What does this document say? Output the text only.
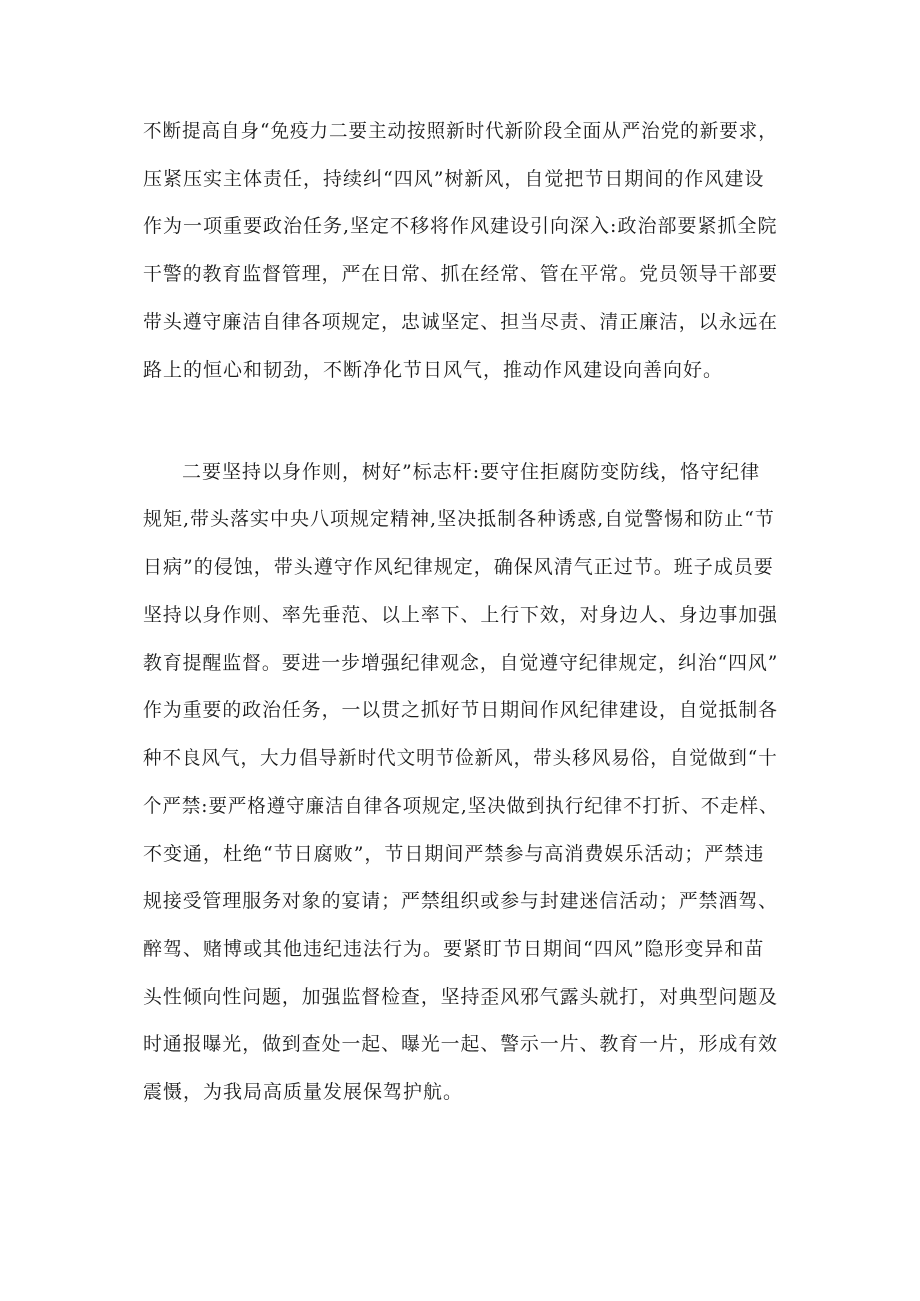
不断提高自身“免疫力二要主动按照新时代新阶段全面从严治党的新要求，
压紧压实主体责任，持续纠“四风”树新风，自觉把节日期间的作风建设
作为一项重要政治任务,坚定不移将作风建设引向深入:政治部要紧抓全院
干警的教育监督管理，严在日常、抓在经常、管在平常。党员领导干部要
带头遵守廉洁自律各项规定，忠诚坚定、担当尽责、清正廉洁，以永远在
路上的恒心和韧劲，不断净化节日风气，推动作风建设向善向好。
二要坚持以身作则，树好”标志杆:要守住拒腐防变防线，恪守纪律
规矩,带头落实中央八项规定精神,坚决抵制各种诱惑,自觉警惕和防止“节
日病”的侵蚀，带头遵守作风纪律规定，确保风清气正过节。班子成员要
坚持以身作则、率先垂范、以上率下、上行下效，对身边人、身边事加强
教育提醒监督。要进一步增强纪律观念，自觉遵守纪律规定，纠治“四风”
作为重要的政治任务，一以贯之抓好节日期间作风纪律建设，自觉抵制各
种不良风气，大力倡导新时代文明节俭新风，带头移风易俗，自觉做到“十
个严禁:要严格遵守廉洁自律各项规定,坚决做到执行纪律不打折、不走样、
不变通，杜绝“节日腐败”，节日期间严禁参与高消费娱乐活动；严禁违
规接受管理服务对象的宴请；严禁组织或参与封建迷信活动；严禁酒驾、
醉驾、赌博或其他违纪违法行为。要紧盯节日期间“四风”隐形变异和苗
头性倾向性问题，加强监督检查，坚持歪风邪气露头就打，对典型问题及
时通报曝光，做到查处一起、曝光一起、警示一片、教育一片，形成有效
震慑，为我局高质量发展保驾护航。
